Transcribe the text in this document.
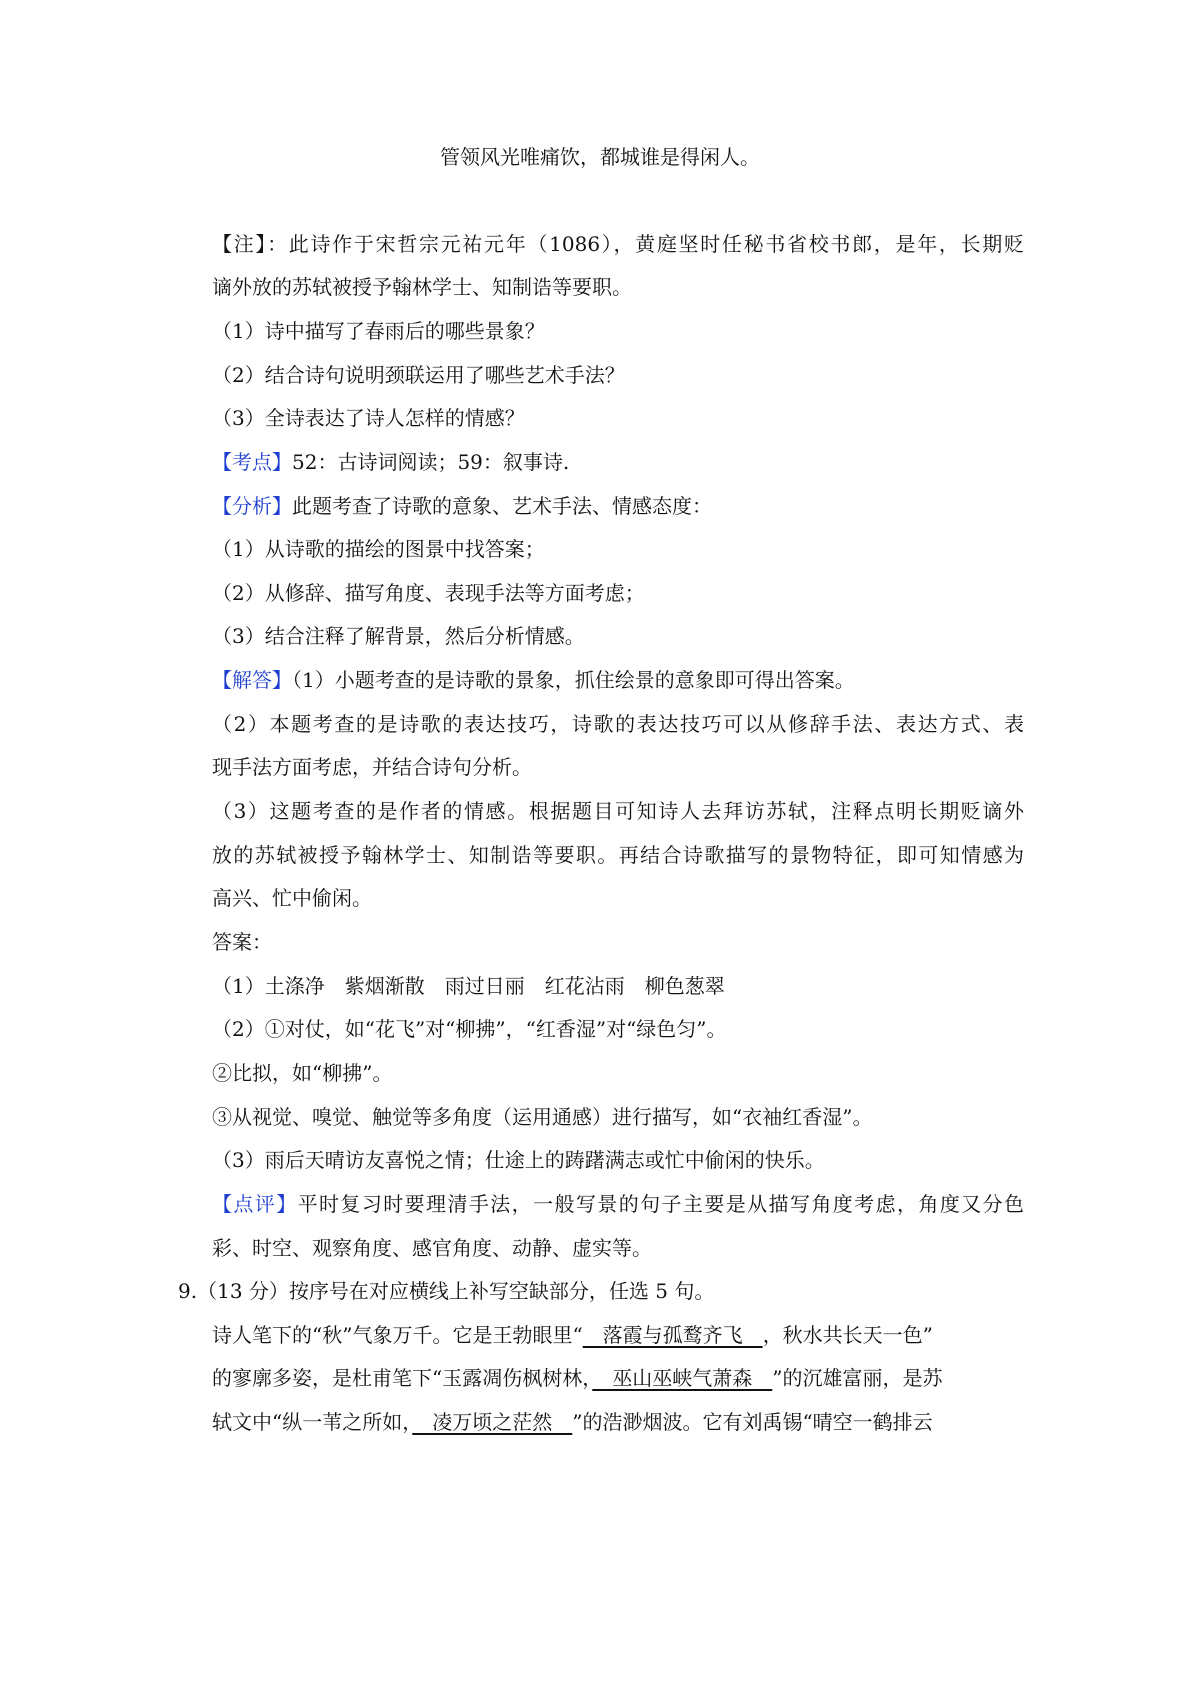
管领风光唯痛饮，都城谁是得闲人。
【注】：此诗作于宋哲宗元祐元年（1086），黄庭坚时任秘书省校书郎，是年，长期贬
谪外放的苏轼被授予翰林学士、知制诰等要职。
（1）诗中描写了春雨后的哪些景象？
（2）结合诗句说明颈联运用了哪些艺术手法？
（3）全诗表达了诗人怎样的情感？
【考点】52：古诗词阅读；59：叙事诗.
【分析】此题考查了诗歌的意象、艺术手法、情感态度：
（1）从诗歌的描绘的图景中找答案；
（2）从修辞、描写角度、表现手法等方面考虑；
（3）结合注释了解背景，然后分析情感。
【解答】（1）小题考查的是诗歌的景象，抓住绘景的意象即可得出答案。
（2）本题考查的是诗歌的表达技巧，诗歌的表达技巧可以从修辞手法、表达方式、表
现手法方面考虑，并结合诗句分析。
（3）这题考查的是作者的情感。根据题目可知诗人去拜访苏轼，注释点明长期贬谪外
放的苏轼被授予翰林学士、知制诰等要职。再结合诗歌描写的景物特征，即可知情感为
高兴、忙中偷闲。
答案：
（1）土涤净　紫烟渐散　雨过日丽　红花沾雨　柳色葱翠
（2）①对仗，如“花飞”对“柳拂”，“红香湿”对“绿色匀”。
②比拟，如“柳拂”。
③从视觉、嗅觉、触觉等多角度（运用通感）进行描写，如“衣袖红香湿”。
（3）雨后天晴访友喜悦之情；仕途上的踌躇满志或忙中偷闲的快乐。
【点评】平时复习时要理清手法，一般写景的句子主要是从描写角度考虑，角度又分色
彩、时空、观察角度、感官角度、动静、虚实等。
9.（13 分）按序号在对应横线上补写空缺部分，任选 5 句。
诗人笔下的“秋”气象万千。它是王勃眼里“　落霞与孤鹜齐飞　，秋水共长天一色”
的寥廓多姿，是杜甫笔下“玉露凋伤枫树林，　巫山巫峡气萧森　”的沉雄富丽，是苏
轼文中“纵一苇之所如，　凌万顷之茫然　”的浩渺烟波。它有刘禹锡“晴空一鹤排云
